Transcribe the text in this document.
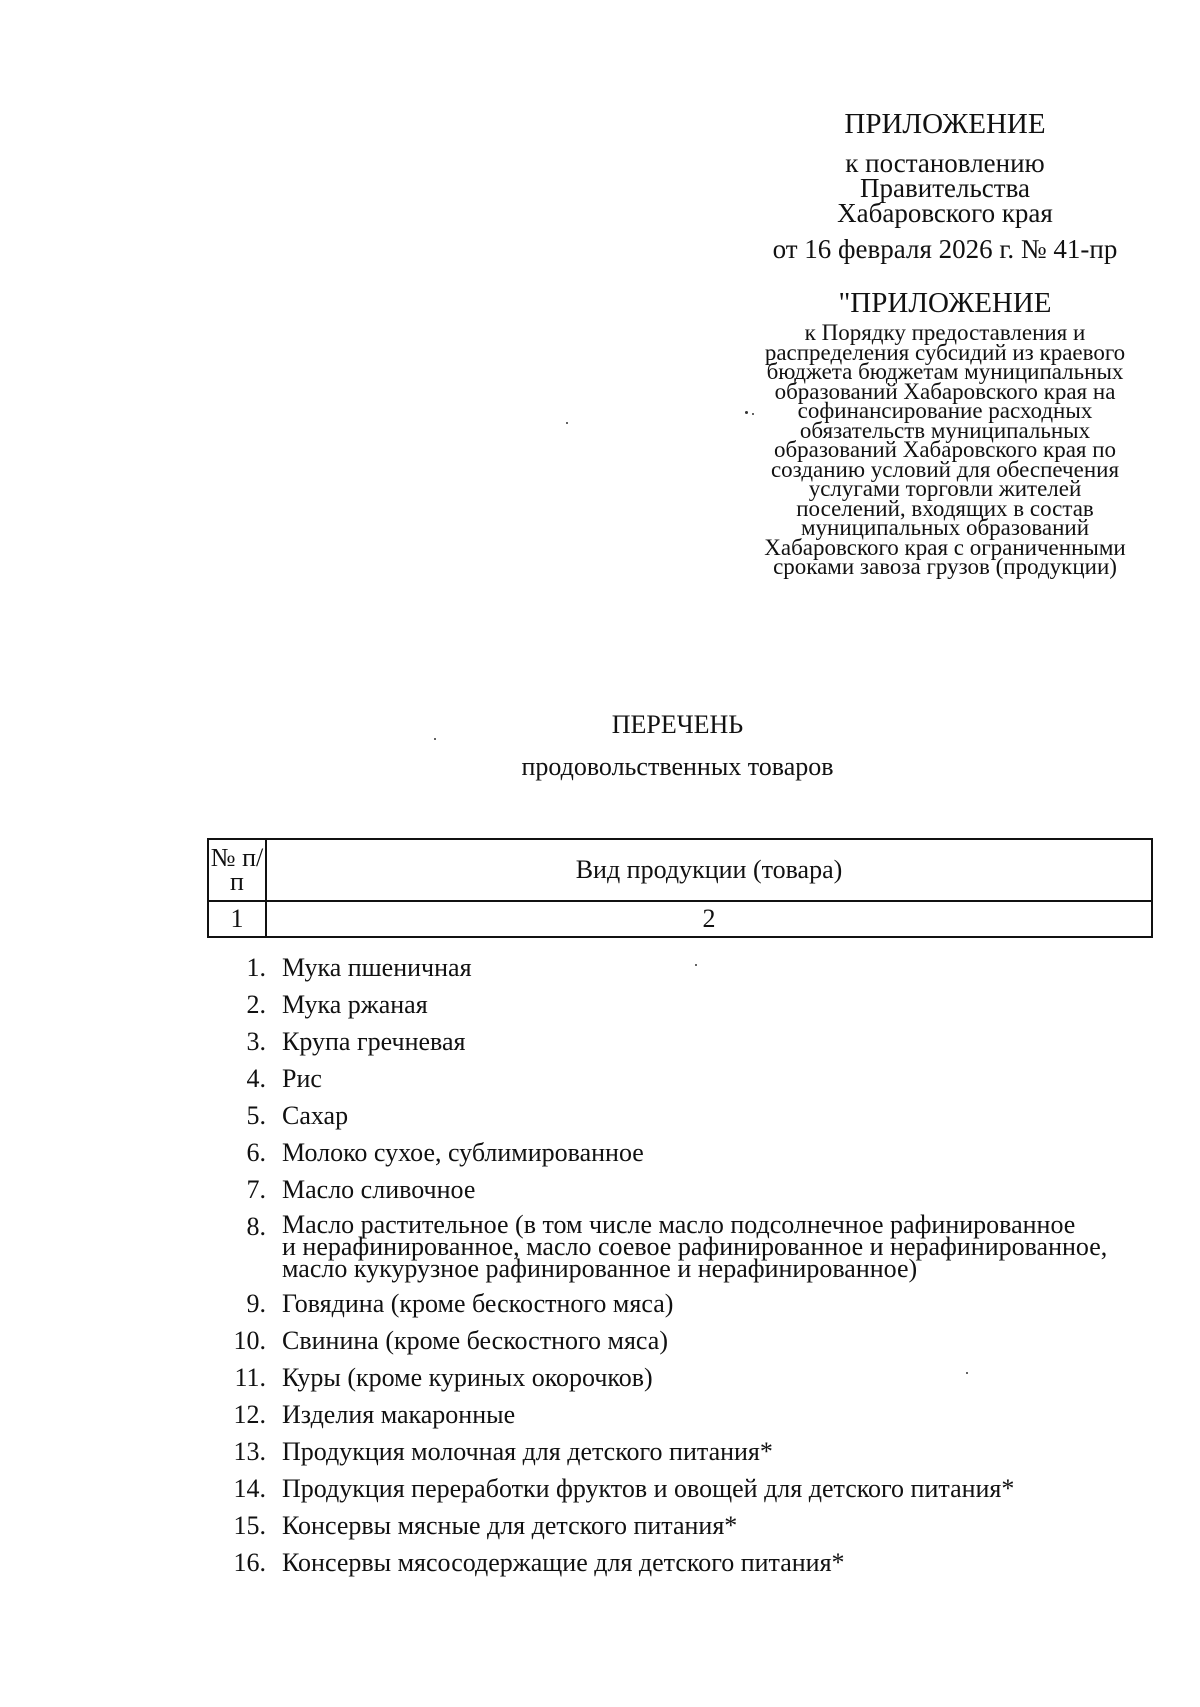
ПРИЛОЖЕНИЕ
к постановлению
Правительства
Хабаровского края
от 16 февраля 2026 г. № 41-пр
"ПРИЛОЖЕНИЕ
к Порядку предоставления и
распределения субсидий из краевого
бюджета бюджетам муниципальных
образований Хабаровского края на
софинансирование расходных
обязательств муниципальных
образований Хабаровского края по
созданию условий для обеспечения
услугами торговли жителей
поселений, входящих в состав
муниципальных образований
Хабаровского края с ограниченными
сроками завоза грузов (продукции)
ПЕРЕЧЕНЬ
продовольственных товаров
№ п/п	Вид продукции (товара)
1	2
1. Мука пшеничная
2. Мука ржаная
3. Крупа гречневая
4. Рис
5. Сахар
6. Молоко сухое, сублимированное
7. Масло сливочное
8. Масло растительное (в том числе масло подсолнечное рафинированное
и нерафинированное, масло соевое рафинированное и нерафинированное,
масло кукурузное рафинированное и нерафинированное)
9. Говядина (кроме бескостного мяса)
10. Свинина (кроме бескостного мяса)
11. Куры (кроме куриных окорочков)
12. Изделия макаронные
13. Продукция молочная для детского питания*
14. Продукция переработки фруктов и овощей для детского питания*
15. Консервы мясные для детского питания*
16. Консервы мясосодержащие для детского питания*
